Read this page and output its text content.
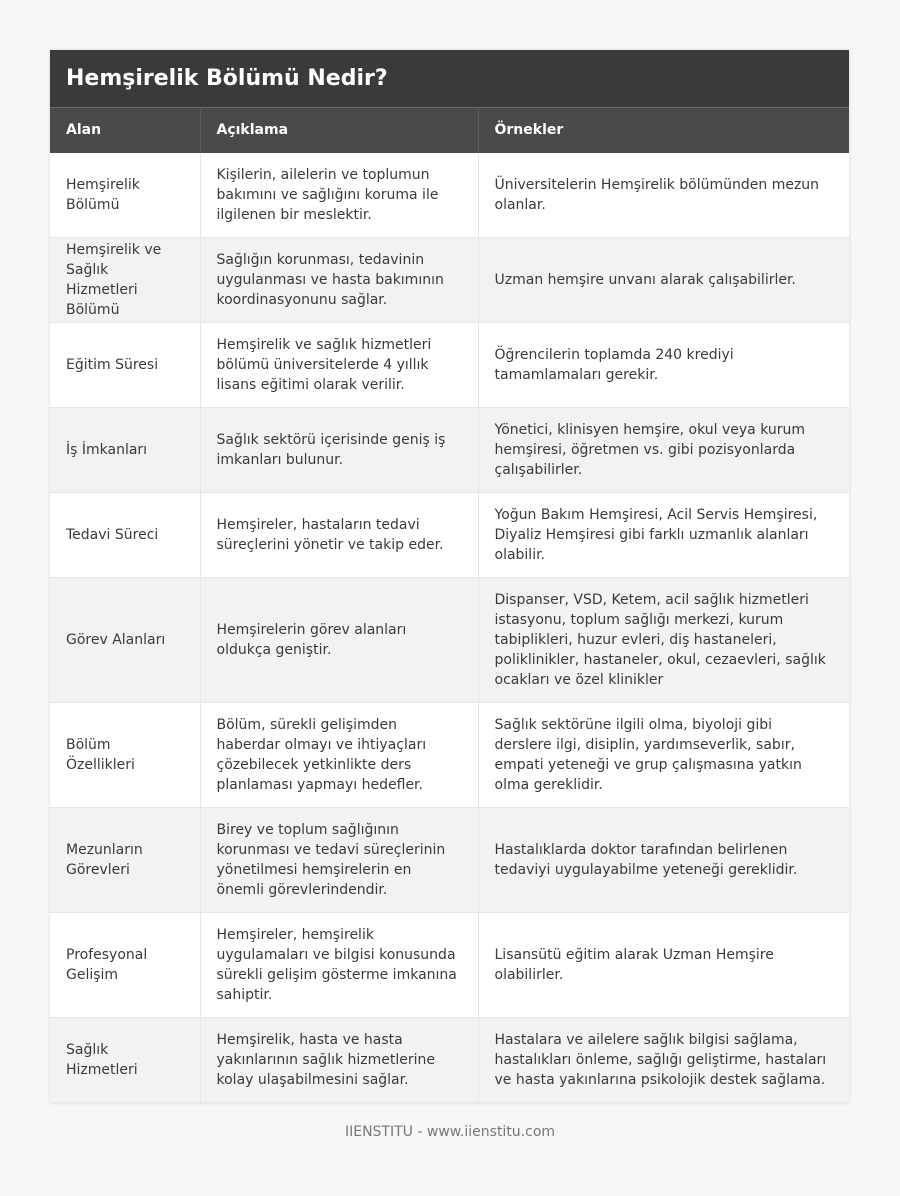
Hemşirelik Bölümü Nedir?
Alan	Açıklama	Örnekler
Hemşirelik Bölümü	Kişilerin, ailelerin ve toplumun bakımını ve sağlığını koruma ile ilgilenen bir meslektir.	Üniversitelerin Hemşirelik bölümünden mezun olanlar.
Hemşirelik ve Sağlık Hizmetleri Bölümü	Sağlığın korunması, tedavinin uygulanması ve hasta bakımının koordinasyonunu sağlar.	Uzman hemşire unvanı alarak çalışabilirler.
Eğitim Süresi	Hemşirelik ve sağlık hizmetleri bölümü üniversitelerde 4 yıllık lisans eğitimi olarak verilir.	Öğrencilerin toplamda 240 krediyi tamamlamaları gerekir.
İş İmkanları	Sağlık sektörü içerisinde geniş iş imkanları bulunur.	Yönetici, klinisyen hemşire, okul veya kurum hemşiresi, öğretmen vs. gibi pozisyonlarda çalışabilirler.
Tedavi Süreci	Hemşireler, hastaların tedavi süreçlerini yönetir ve takip eder.	Yoğun Bakım Hemşiresi, Acil Servis Hemşiresi, Diyaliz Hemşiresi gibi farklı uzmanlık alanları olabilir.
Görev Alanları	Hemşirelerin görev alanları oldukça geniştir.	Dispanser, VSD, Ketem, acil sağlık hizmetleri istasyonu, toplum sağlığı merkezi, kurum tabiplikleri, huzur evleri, diş hastaneleri, poliklinikler, hastaneler, okul, cezaevleri, sağlık ocakları ve özel klinikler
Bölüm Özellikleri	Bölüm, sürekli gelişimden haberdar olmayı ve ihtiyaçları çözebilecek yetkinlikte ders planlaması yapmayı hedefler.	Sağlık sektörüne ilgili olma, biyoloji gibi derslere ilgi, disiplin, yardımseverlik, sabır, empati yeteneği ve grup çalışmasına yatkın olma gereklidir.
Mezunların Görevleri	Birey ve toplum sağlığının korunması ve tedavi süreçlerinin yönetilmesi hemşirelerin en önemli görevlerindendir.	Hastalıklarda doktor tarafından belirlenen tedaviyi uygulayabilme yeteneği gereklidir.
Profesyonal Gelişim	Hemşireler, hemşirelik uygulamaları ve bilgisi konusunda sürekli gelişim gösterme imkanına sahiptir.	Lisansütü eğitim alarak Uzman Hemşire olabilirler.
Sağlık Hizmetleri	Hemşirelik, hasta ve hasta yakınlarının sağlık hizmetlerine kolay ulaşabilmesini sağlar.	Hastalara ve ailelere sağlık bilgisi sağlama, hastalıkları önleme, sağlığı geliştirme, hastaları ve hasta yakınlarına psikolojik destek sağlama.
IIENSTITU - www.iienstitu.com
